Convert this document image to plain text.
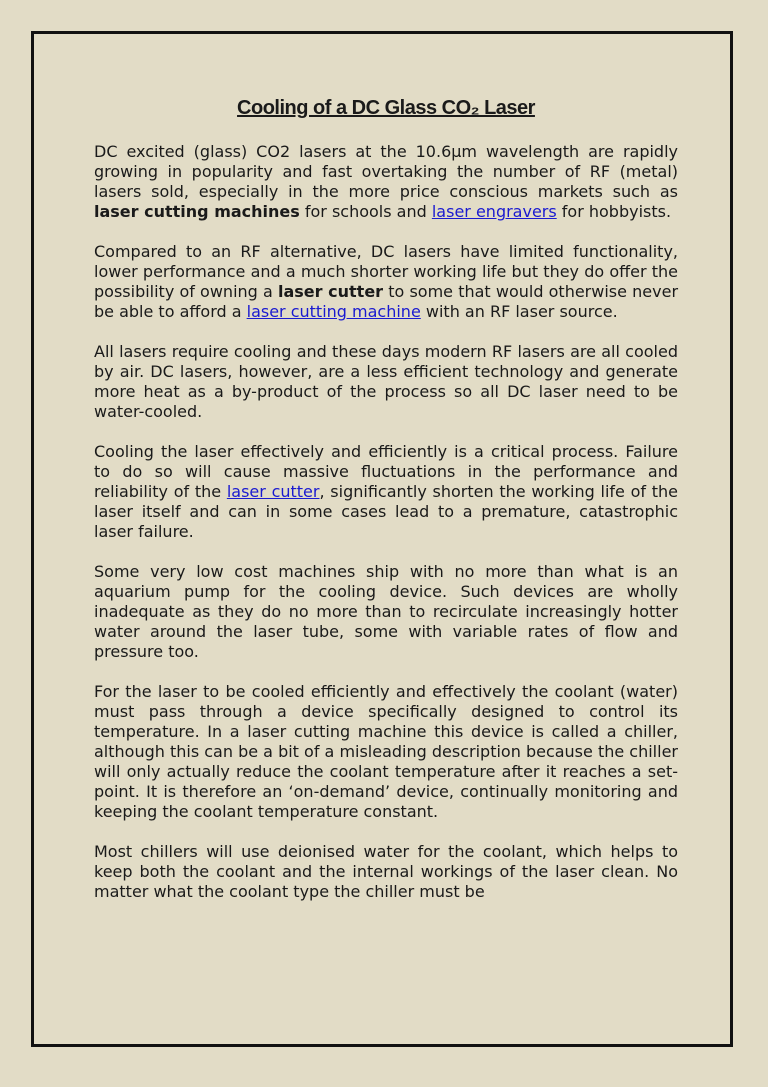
Cooling of a DC Glass CO₂ Laser

DC excited (glass) CO2 lasers at the 10.6µm wavelength are rapidly growing in popularity and fast overtaking the number of RF (metal) lasers sold, especially in the more price conscious markets such as laser cutting machines for schools and laser engravers for hobbyists.

Compared to an RF alternative, DC lasers have limited functionality, lower performance and a much shorter working life but they do offer the possibility of owning a laser cutter to some that would otherwise never be able to afford a laser cutting machine with an RF laser source.

All lasers require cooling and these days modern RF lasers are all cooled by air. DC lasers, however, are a less efficient technology and generate more heat as a by-product of the process so all DC laser need to be water-cooled.

Cooling the laser effectively and efficiently is a critical process. Failure to do so will cause massive fluctuations in the performance and reliability of the laser cutter, significantly shorten the working life of the laser itself and can in some cases lead to a premature, catastrophic laser failure.

Some very low cost machines ship with no more than what is an aquarium pump for the cooling device. Such devices are wholly inadequate as they do no more than to recirculate increasingly hotter water around the laser tube, some with variable rates of flow and pressure too.

For the laser to be cooled efficiently and effectively the coolant (water) must pass through a device specifically designed to control its temperature. In a laser cutting machine this device is called a chiller, although this can be a bit of a misleading description because the chiller will only actually reduce the coolant temperature after it reaches a set-point. It is therefore an ‘on-demand’ device, continually monitoring and keeping the coolant temperature constant.

Most chillers will use deionised water for the coolant, which helps to keep both the coolant and the internal workings of the laser clean. No matter what the coolant type the chiller must be
